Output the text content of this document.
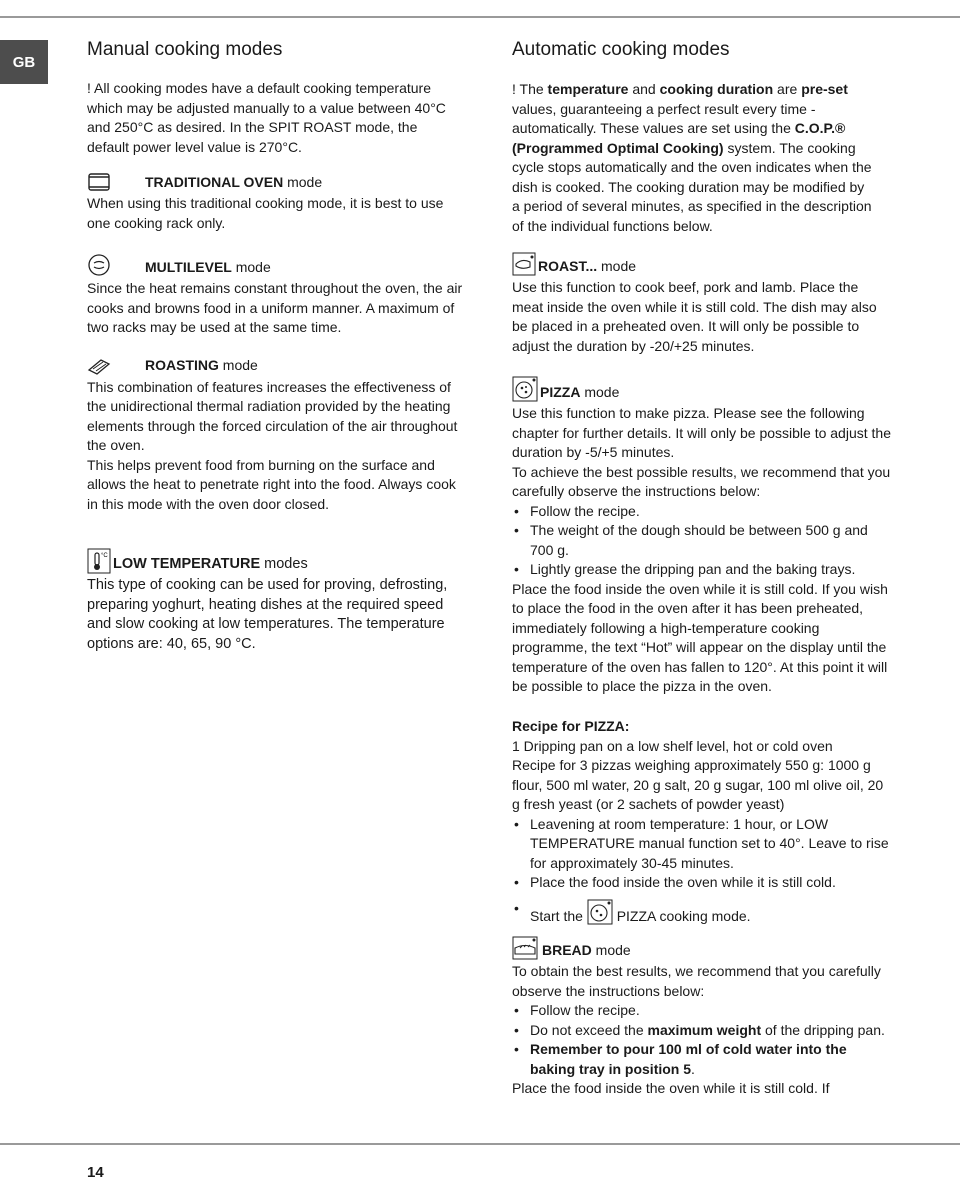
GB
Manual cooking modes

! All cooking modes have a default cooking temperature which may be adjusted manually to a value between 40°C and 250°C as desired. In the SPIT ROAST mode, the default power level value is 270°C.

TRADITIONAL OVEN mode

When using this traditional cooking mode, it is best to use one cooking rack only.

MULTILEVEL mode

Since the heat remains constant throughout the oven, the air cooks and browns food in a uniform manner. A maximum of two racks may be used at the same time.

ROASTING mode

This combination of features increases the effectiveness of the unidirectional thermal radiation provided by the heating elements through the forced circulation of the air throughout the oven.

This helps prevent food from burning on the surface and allows the heat to penetrate right into the food. Always cook in this mode with the oven door closed.

°C LOW TEMPERATURE modes

This type of cooking can be used for proving, defrosting, preparing yoghurt, heating dishes at the required speed and slow cooking at low temperatures. The temperature options are: 40, 65, 90 °C.

Automatic cooking modes

! The temperature and cooking duration are pre-set values, guaranteeing a perfect result every time - automatically. These values are set using the C.O.P.® (Programmed Optimal Cooking) system. The cooking cycle stops automatically and the oven indicates when the dish is cooked. The cooking duration may be modified by a period of several minutes, as specified in the description of the individual functions below.

ROAST... mode

Use this function to cook beef, pork and lamb. Place the meat inside the oven while it is still cold. The dish may also be placed in a preheated oven. It will only be possible to adjust the duration by -20/+25 minutes.

PIZZA mode

Use this function to make pizza. Please see the following chapter for further details. It will only be possible to adjust the duration by -5/+5 minutes.

To achieve the best possible results, we recommend that you carefully observe the instructions below:

• Follow the recipe.
• The weight of the dough should be between 500 g and 700 g.
• Lightly grease the dripping pan and the baking trays.

Place the food inside the oven while it is still cold. If you wish to place the food in the oven after it has been preheated, immediately following a high-temperature cooking programme, the text “Hot” will appear on the display until the temperature of the oven has fallen to 120°. At this point it will be possible to place the pizza in the oven.

Recipe for PIZZA:

1 Dripping pan on a low shelf level, hot or cold oven

Recipe for 3 pizzas weighing approximately 550 g: 1000 g flour, 500 ml water, 20 g salt, 20 g sugar, 100 ml olive oil, 20 g fresh yeast (or 2 sachets of powder yeast)

• Leavening at room temperature: 1 hour, or LOW TEMPERATURE manual function set to 40°. Leave to rise for approximately 30-45 minutes.
• Place the food inside the oven while it is still cold.
• Start the  PIZZA cooking mode.
BREAD mode

To obtain the best results, we recommend that you carefully observe the instructions below:

• Follow the recipe.
• Do not exceed the maximum weight of the dripping pan.
• Remember to pour 100 ml of cold water into the baking tray in position 5.

Place the food inside the oven while it is still cold. If

14
